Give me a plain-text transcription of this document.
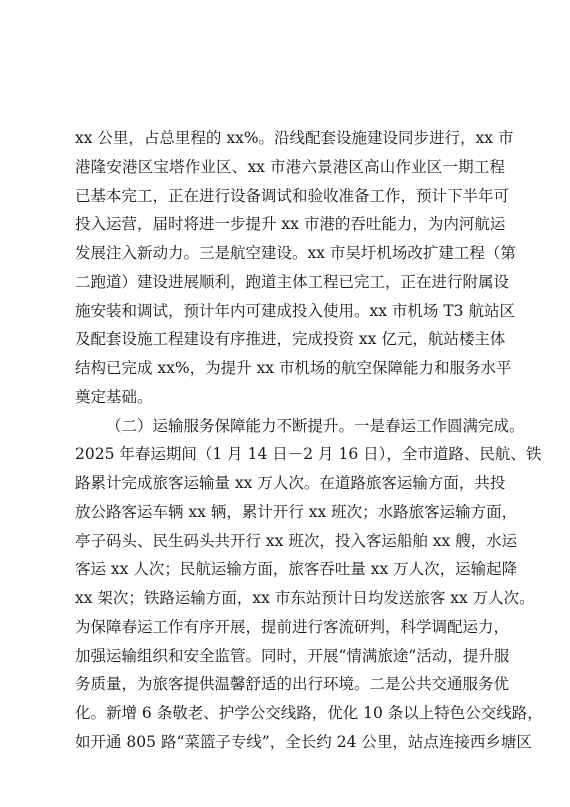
xx 公里，占总里程的 xx%。沿线配套设施建设同步进行，xx 市
港隆安港区宝塔作业区、xx 市港六景港区高山作业区一期工程
已基本完工，正在进行设备调试和验收准备工作，预计下半年可
投入运营，届时将进一步提升 xx 市港的吞吐能力，为内河航运
发展注入新动力。三是航空建设。xx 市吴圩机场改扩建工程（第
二跑道）建设进展顺利，跑道主体工程已完工，正在进行附属设
施安装和调试，预计年内可建成投入使用。xx 市机场 T3 航站区
及配套设施工程建设有序推进，完成投资 xx 亿元，航站楼主体
结构已完成 xx%，为提升 xx 市机场的航空保障能力和服务水平
奠定基础。
（二）运输服务保障能力不断提升。一是春运工作圆满完成。
2025 年春运期间（1 月 14 日－2 月 16 日），全市道路、民航、铁
路累计完成旅客运输量 xx 万人次。在道路旅客运输方面，共投
放公路客运车辆 xx 辆，累计开行 xx 班次；水路旅客运输方面，
亭子码头、民生码头共开行 xx 班次，投入客运船舶 xx 艘，水运
客运 xx 人次；民航运输方面，旅客吞吐量 xx 万人次，运输起降
xx 架次；铁路运输方面，xx 市东站预计日均发送旅客 xx 万人次。
为保障春运工作有序开展，提前进行客流研判，科学调配运力，
加强运输组织和安全监管。同时，开展“情满旅途”活动，提升服
务质量，为旅客提供温馨舒适的出行环境。二是公共交通服务优
化。新增 6 条敬老、护学公交线路，优化 10 条以上特色公交线路，
如开通 805 路“菜篮子专线”，全长约 24 公里，站点连接西乡塘区
